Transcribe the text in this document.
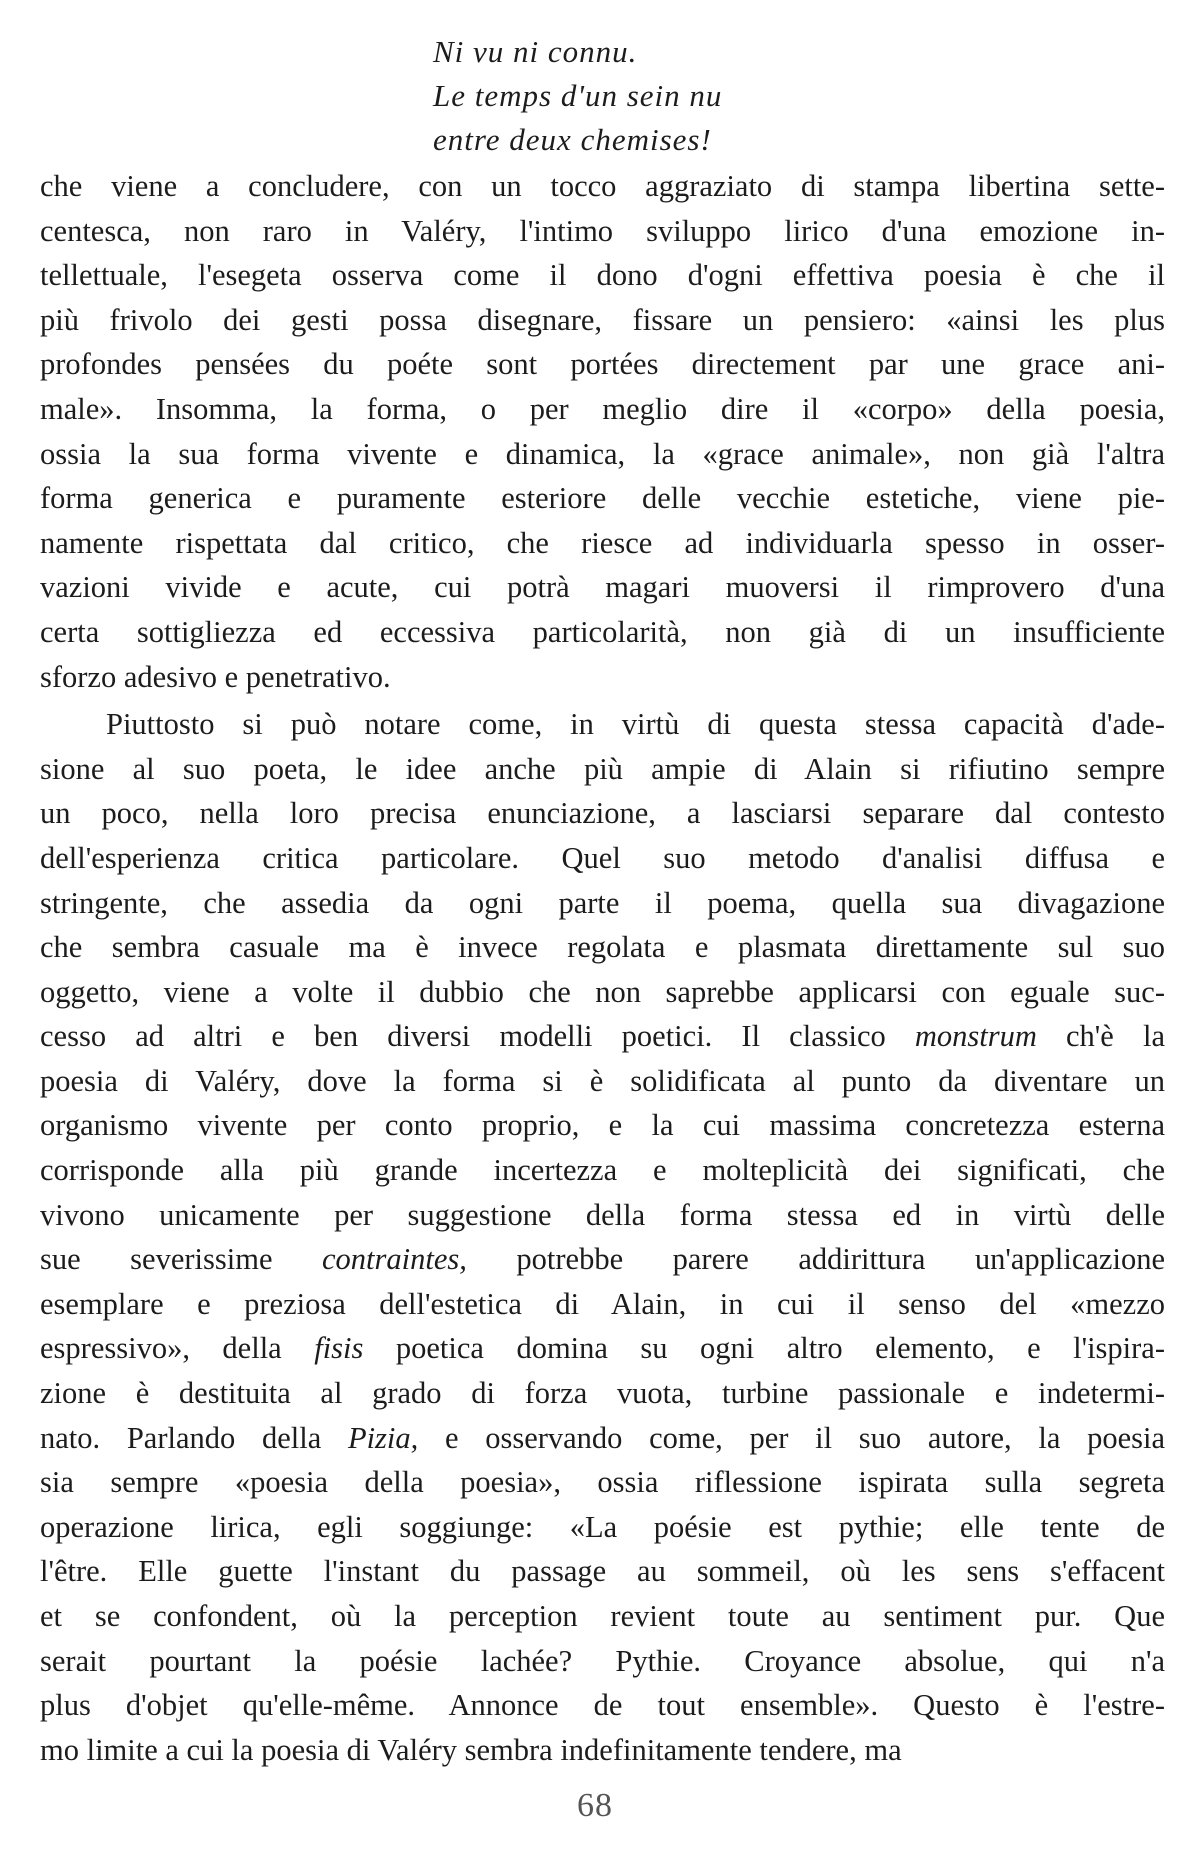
Ni vu ni connu.
Le temps d'un sein nu
entre deux chemises!
che viene a concludere, con un tocco aggraziato di stampa libertina sette-
centesca, non raro in Valéry, l'intimo sviluppo lirico d'una emozione in-
tellettuale, l'esegeta osserva come il dono d'ogni effettiva poesia è che il
più frivolo dei gesti possa disegnare, fissare un pensiero: «ainsi les plus
profondes pensées du poéte sont portées directement par une grace ani-
male». Insomma, la forma, o per meglio dire il «corpo» della poesia,
ossia la sua forma vivente e dinamica, la «grace animale», non già l'altra
forma generica e puramente esteriore delle vecchie estetiche, viene pie-
namente rispettata dal critico, che riesce ad individuarla spesso in osser-
vazioni vivide e acute, cui potrà magari muoversi il rimprovero d'una
certa sottigliezza ed eccessiva particolarità, non già di un insufficiente
sforzo adesivo e penetrativo.
Piuttosto si può notare come, in virtù di questa stessa capacità d'ade-
sione al suo poeta, le idee anche più ampie di Alain si rifiutino sempre
un poco, nella loro precisa enunciazione, a lasciarsi separare dal contesto
dell'esperienza critica particolare. Quel suo metodo d'analisi diffusa e
stringente, che assedia da ogni parte il poema, quella sua divagazione
che sembra casuale ma è invece regolata e plasmata direttamente sul suo
oggetto, viene a volte il dubbio che non saprebbe applicarsi con eguale suc-
cesso ad altri e ben diversi modelli poetici. Il classico monstrum ch'è la
poesia di Valéry, dove la forma si è solidificata al punto da diventare un
organismo vivente per conto proprio, e la cui massima concretezza esterna
corrisponde alla più grande incertezza e molteplicità dei significati, che
vivono unicamente per suggestione della forma stessa ed in virtù delle
sue severissime contraintes, potrebbe parere addirittura un'applicazione
esemplare e preziosa dell'estetica di Alain, in cui il senso del «mezzo
espressivo», della fisis poetica domina su ogni altro elemento, e l'ispira-
zione è destituita al grado di forza vuota, turbine passionale e indetermi-
nato. Parlando della Pizia, e osservando come, per il suo autore, la poesia
sia sempre «poesia della poesia», ossia riflessione ispirata sulla segreta
operazione lirica, egli soggiunge: «La poésie est pythie; elle tente de
l'être. Elle guette l'instant du passage au sommeil, où les sens s'effacent
et se confondent, où la perception revient toute au sentiment pur. Que
serait pourtant la poésie lachée? Pythie. Croyance absolue, qui n'a
plus d'objet qu'elle-même. Annonce de tout ensemble». Questo è l'estre-
mo limite a cui la poesia di Valéry sembra indefinitamente tendere, ma
68
